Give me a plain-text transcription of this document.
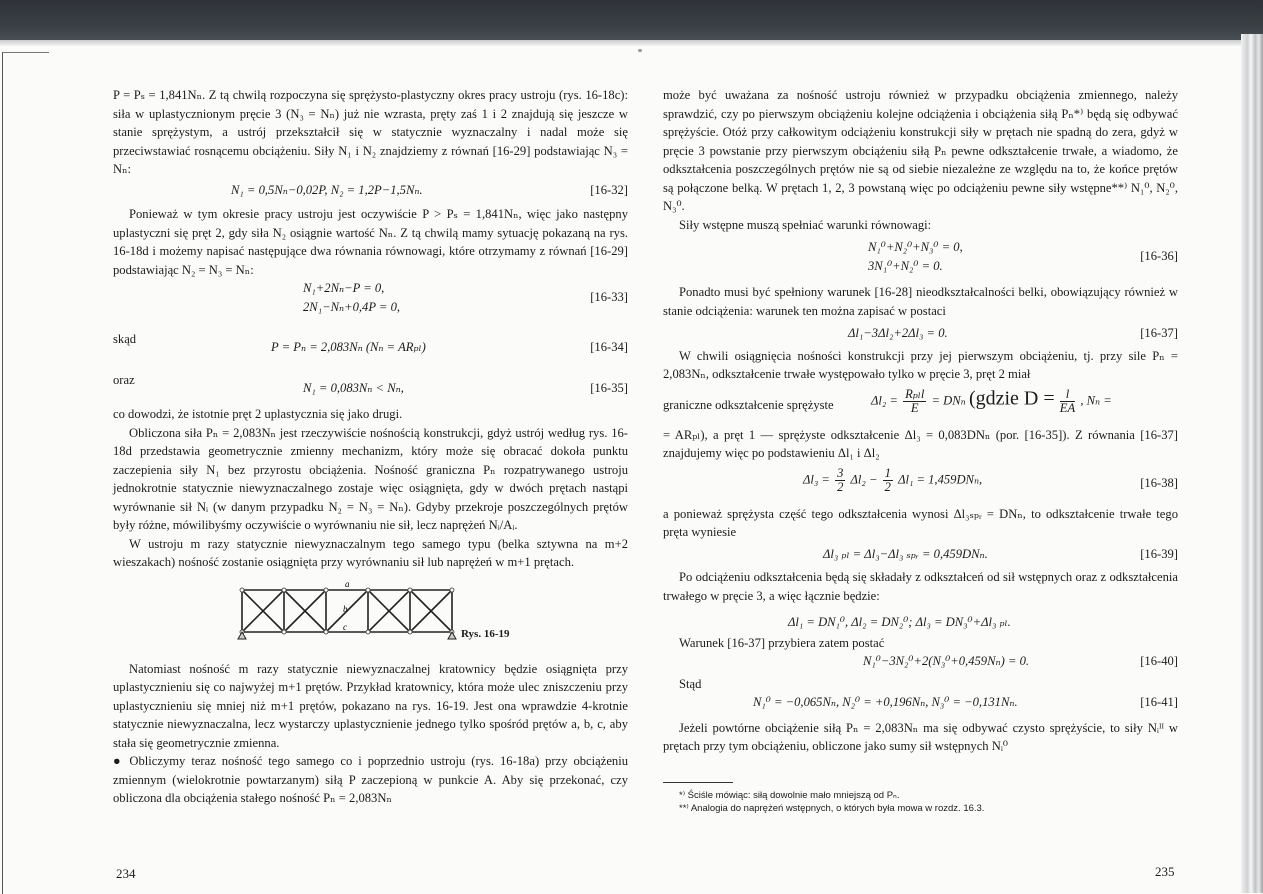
P = Pₛ = 1,841Nₙ. Z tą chwilą rozpoczyna się sprężysto-plastyczny okres pracy ustroju (rys. 16-18c): siła w uplastycznionym pręcie 3 (N₃ = Nₙ) już nie wzrasta, pręty zaś 1 i 2 znajdują się jeszcze w stanie sprężystym, a ustrój przekształcił się w statycznie wyznaczalny i nadal może się przeciwstawiać rosnącemu obciążeniu. Siły N₁ i N₂ znajdziemy z równań [16-29] podstawiając N₃ = Nₙ:

N₁ = 0,5Nₙ−0,02P, N₂ = 1,2P−1,5Nₙ.	[16-32]

Ponieważ w tym okresie pracy ustroju jest oczywiście P > Pₛ = 1,841Nₙ, więc jako następny uplastyczni się pręt 2, gdy siła N₂ osiągnie wartość Nₙ. Z tą chwilą mamy sytuację pokazaną na rys. 16-18d i możemy napisać następujące dwa równania równowagi, które otrzymamy z równań [16-29] podstawiając N₂ = N₃ = Nₙ:

N₁+2Nₙ−P = 0,
[16-33]
2N₁−Nₙ+0,4P = 0,
skąd
P = Pₙ = 2,083Nₙ (Nₙ = ARₚₗ)	[16-34]
oraz
N₁ = 0,083Nₙ < Nₙ,	[16-35]

co dowodzi, że istotnie pręt 2 uplastycznia się jako drugi.

Obliczona siła Pₙ = 2,083Nₙ jest rzeczywiście nośnością konstrukcji, gdyż ustrój według rys. 16-18d przedstawia geometrycznie zmienny mechanizm, który może się obracać dokoła punktu zaczepienia siły N₁ bez przyrostu obciążenia. Nośność graniczna Pₙ rozpatrywanego ustroju jednokrotnie statycznie niewyznaczalnego zostaje więc osiągnięta, gdy w dwóch prętach nastąpi wyrównanie sił Nᵢ (w danym przypadku N₂ = N₃ = Nₙ). Gdyby przekroje poszczególnych prętów były różne, mówilibyśmy oczywiście o wyrównaniu nie sił, lecz naprężeń Nᵢ/Aᵢ.

W ustroju m razy statycznie niewyznaczalnym tego samego typu (belka sztywna na m+2 wieszakach) nośność zostanie osiągnięta przy wyrównaniu sił lub naprężeń w m+1 prętach.

a
b
c
Rys. 16-19

Natomiast nośność m razy statycznie niewyznaczalnej kratownicy będzie osiągnięta przy uplastycznieniu się co najwyżej m+1 prętów. Przykład kratownicy, która może ulec zniszczeniu przy uplastycznieniu się mniej niż m+1 prętów, pokazano na rys. 16-19. Jest ona wprawdzie 4-krotnie statycznie niewyznaczalna, lecz wystarczy uplastycznienie jednego tylko spośród prętów a, b, c, aby stała się geometrycznie zmienna.

● Obliczymy teraz nośność tego samego co i poprzednio ustroju (rys. 16-18a) przy obciążeniu zmiennym (wielokrotnie powtarzanym) siłą P zaczepioną w punkcie A. Aby się przekonać, czy obliczona dla obciążenia stałego nośność Pₙ = 2,083Nₙ

234

może być uważana za nośność ustroju również w przypadku obciążenia zmiennego, należy sprawdzić, czy po pierwszym obciążeniu kolejne odciążenia i obciążenia siłą Pₙ*⁾ będą się odbywać sprężyście. Otóż przy całkowitym odciążeniu konstrukcji siły w prętach nie spadną do zera, gdyż w pręcie 3 powstanie przy pierwszym obciążeniu siłą Pₙ pewne odkształcenie trwałe, a wiadomo, że odkształcenia poszczególnych prętów nie są od siebie niezależne ze względu na to, że końce prętów są połączone belką. W prętach 1, 2, 3 powstaną więc po odciążeniu pewne siły wstępne**⁾ N₁⁰, N₂⁰, N₃⁰.

Siły wstępne muszą spełniać warunki równowagi:

N₁⁰+N₂⁰+N₃⁰ = 0,
[16-36]
3N₁⁰+N₂⁰ = 0.

Ponadto musi być spełniony warunek [16-28] nieodkształcalności belki, obowiązujący również w stanie odciążenia: warunek ten można zapisać w postaci

Δl₁−3Δl₂+2Δl₃ = 0.	[16-37]

W chwili osiągnięcia nośności konstrukcji przy jej pierwszym obciążeniu, tj. przy sile Pₙ = 2,083Nₙ, odkształcenie trwałe występowało tylko w pręcie 3, pręt 2 miał

graniczne odkształcenie sprężyste	$\Delta l_2 = \frac{\text{Rₚₗl}}{E} = DN_n$ (gdzie $D = \frac{l}{EA}$ , Nₙ =

= ARₚₗ), a pręt 1 — sprężyste odkształcenie Δl₃ = 0,083DNₙ (por. [16-35]). Z równania [16-37] znajdujemy więc po podstawieniu Δl₁ i Δl₂

$\Delta l_3 = \frac{3}{2} \Delta l_2 - \frac{1}{2} \Delta l_1 = 1,459DN_n$,	[16-38]

a ponieważ sprężysta część tego odkształcenia wynosi Δl₃ₛₚᵣ = DNₙ, to odkształcenie trwałe tego pręta wyniesie

Δl₃ ₚₗ = Δl₃−Δl₃ ₛₚᵣ = 0,459DNₙ.	[16-39]

Po odciążeniu odkształcenia będą się składały z odkształceń od sił wstępnych oraz z odkształcenia trwałego w pręcie 3, a więc łącznie będzie:

Δl₁ = DN₁⁰, Δl₂ = DN₂⁰; Δl₃ = DN₃⁰+Δl₃ ₚₗ.

Warunek [16-37] przybiera zatem postać

N₁⁰−3N₂⁰+2(N₃⁰+0,459Nₙ) = 0.	[16-40]

Stąd

N₁⁰ = −0,065Nₙ, N₂⁰ = +0,196Nₙ, N₃⁰ = −0,131Nₙ.	[16-41]

Jeżeli powtórne obciążenie siłą Pₙ = 2,083Nₙ ma się odbywać czysto sprężyście, to siły Nᵢᴵᴵ w prętach przy tym obciążeniu, obliczone jako sumy sił wstępnych Nᵢ⁰

*⁾ Ściśle mówiąc: siłą dowolnie mało mniejszą od Pₙ.
**⁾ Analogia do naprężeń wstępnych, o których była mowa w rozdz. 16.3.
235
